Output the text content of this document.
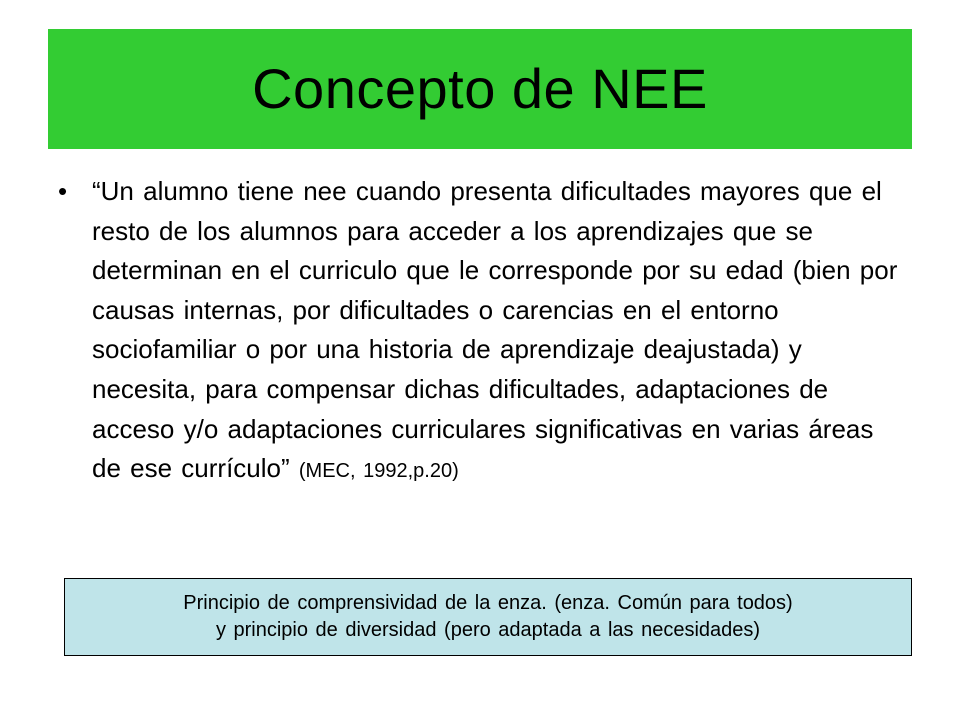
Concepto de NEE
• “Un alumno tiene nee cuando presenta dificultades mayores que el resto de los alumnos para acceder a los aprendizajes que se determinan en el curriculo que le corresponde por su edad (bien por causas internas, por dificultades o carencias en el entorno sociofamiliar o por una historia de aprendizaje deajustada) y necesita, para compensar dichas dificultades, adaptaciones de acceso y/o adaptaciones curriculares significativas en varias áreas de ese currículo” (MEC, 1992,p.20)
Principio de comprensividad de la enza. (enza. Común para todos)
y principio de diversidad (pero adaptada a las necesidades)
